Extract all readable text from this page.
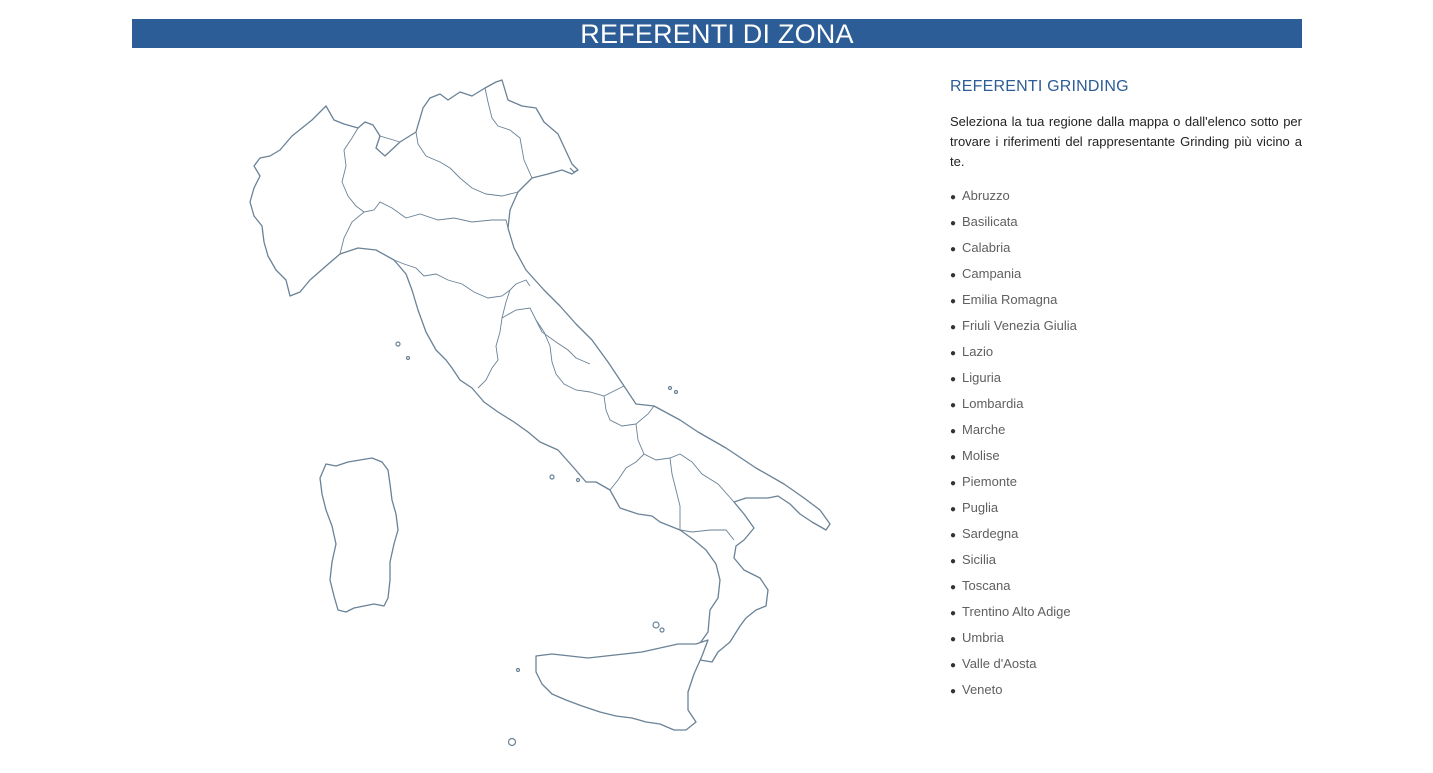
REFERENTI DI ZONA
REFERENTI GRINDING

Seleziona la tua regione dalla mappa o dall'elenco sotto per trovare i riferimenti del rappresentante Grinding più vicino a te.

● Abruzzo
● Basilicata
● Calabria
● Campania
● Emilia Romagna
● Friuli Venezia Giulia
● Lazio
● Liguria
● Lombardia
● Marche
● Molise
● Piemonte
● Puglia
● Sardegna
● Sicilia
● Toscana
● Trentino Alto Adige
● Umbria
● Valle d'Aosta
● Veneto
